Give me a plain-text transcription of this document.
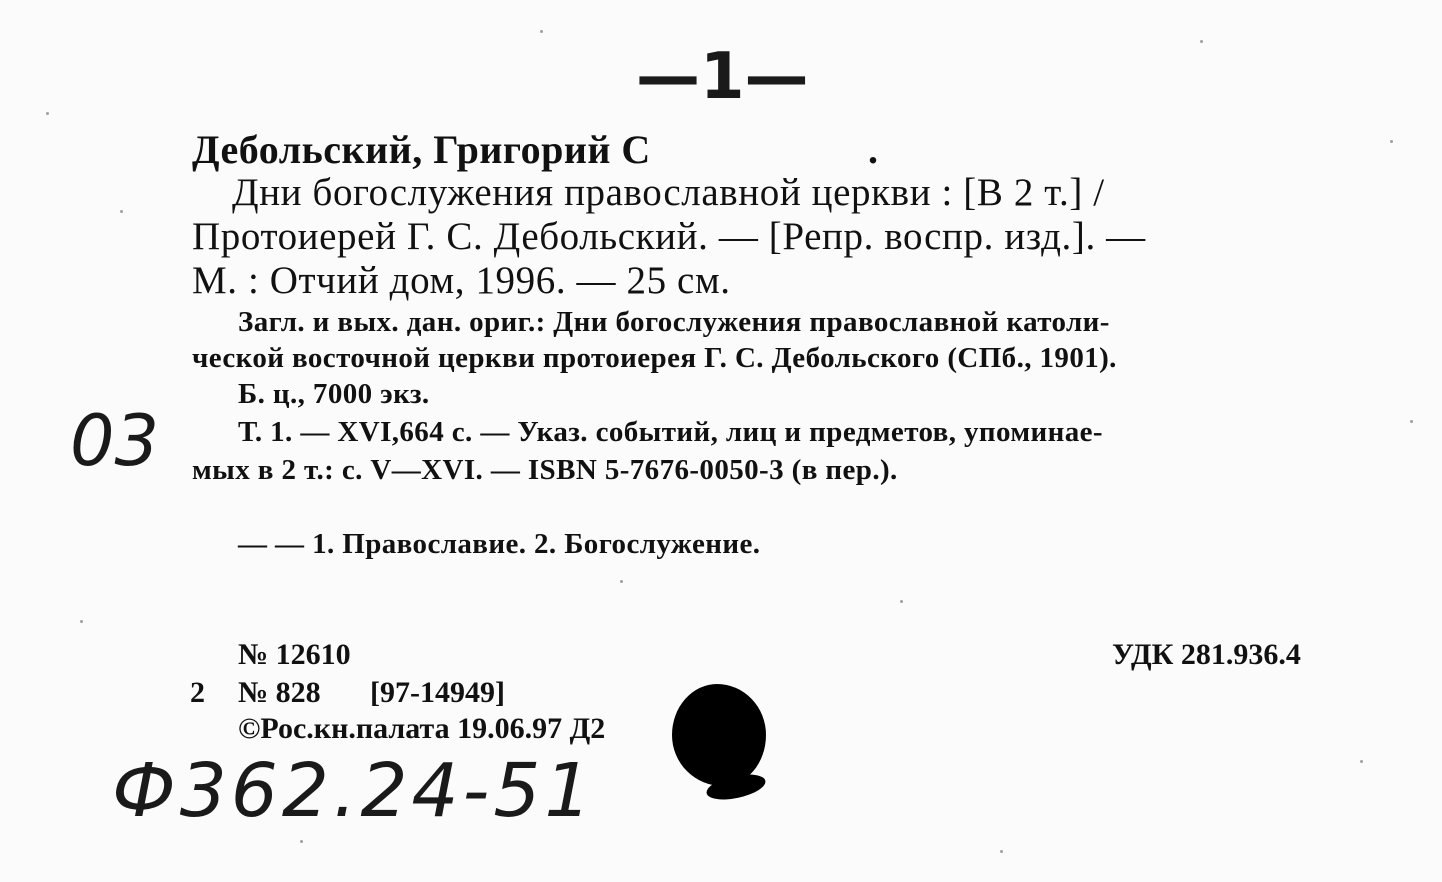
—1—
Дебольский, Григорий С	.
Дни богослужения православной церкви : [В 2 т.] /
Протоиерей Г. С. Дебольский. — [Репр. воспр. изд.]. —
М. : Отчий дом, 1996. — 25 см.
Загл. и вых. дан. ориг.: Дни богослужения православной католи-
ческой восточной церкви протоиерея Г. С. Дебольского (СПб., 1901).
Б. ц., 7000 экз.
03	Т. 1. — XVI,664 с. — Указ. событий, лиц и предметов, упоминае-
мых в 2 т.: с. V—XVI. — ISBN 5-7676-0050-3 (в пер.).
— — 1. Православие. 2. Богослужение.
№ 12610	УДК 281.936.4
2 № 828 [97-14949]
©Рос.кн.палата 19.06.97 Д2
Ф362.24-51
